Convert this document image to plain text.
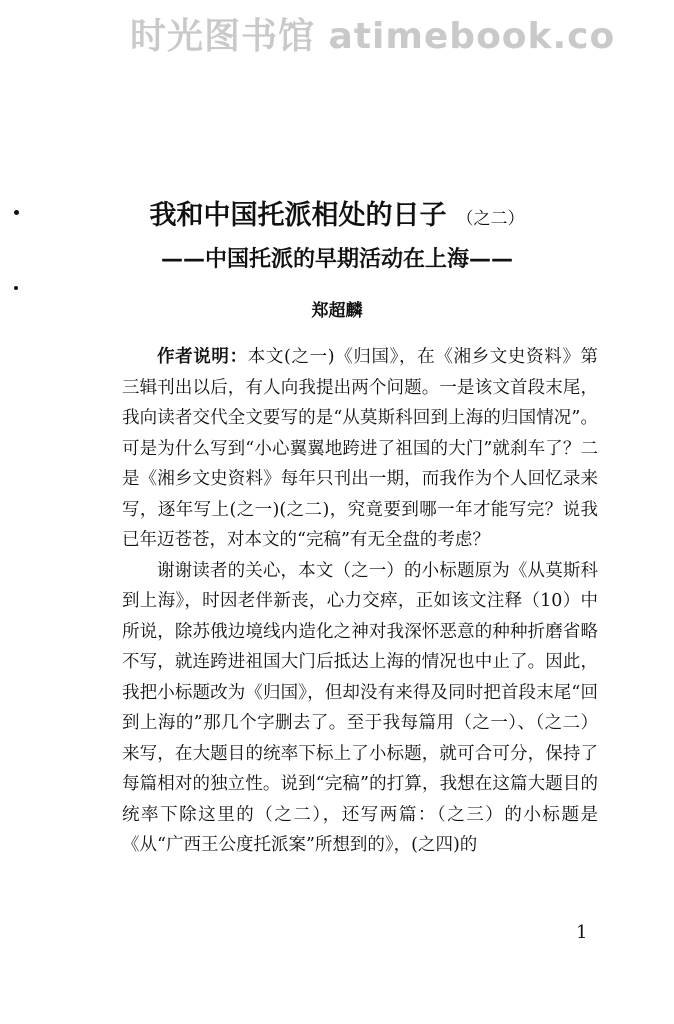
时光图书馆 atimebook.co
我和中国托派相处的日子 （之二）
——中国托派的早期活动在上海——
郑超麟

作者说明：本文(之一)《归国》，在《湘乡文史资料》第三辑刊出以后，有人向我提出两个问题。一是该文首段末尾，我向读者交代全文要写的是“从莫斯科回到上海的归国情况”。可是为什么写到“小心翼翼地跨进了祖国的大门”就刹车了？二是《湘乡文史资料》每年只刊出一期，而我作为个人回忆录来写，逐年写上(之一)(之二)，究竟要到哪一年才能写完？说我已年迈苍苍，对本文的“完稿”有无全盘的考虑？

谢谢读者的关心，本文（之一）的小标题原为《从莫斯科到上海》，时因老伴新丧，心力交瘁，正如该文注释（10）中所说，除苏俄边境线内造化之神对我深怀恶意的种种折磨省略不写，就连跨进祖国大门后抵达上海的情况也中止了。因此，我把小标题改为《归国》，但却没有来得及同时把首段末尾“回到上海的”那几个字删去了。至于我每篇用（之一）、（之二）来写，在大题目的统率下标上了小标题，就可合可分，保持了每篇相对的独立性。说到“完稿”的打算，我想在这篇大题目的统率下除这里的（之二），还写两篇：（之三）的小标题是《从“广西王公度托派案”所想到的》，(之四)的

1
